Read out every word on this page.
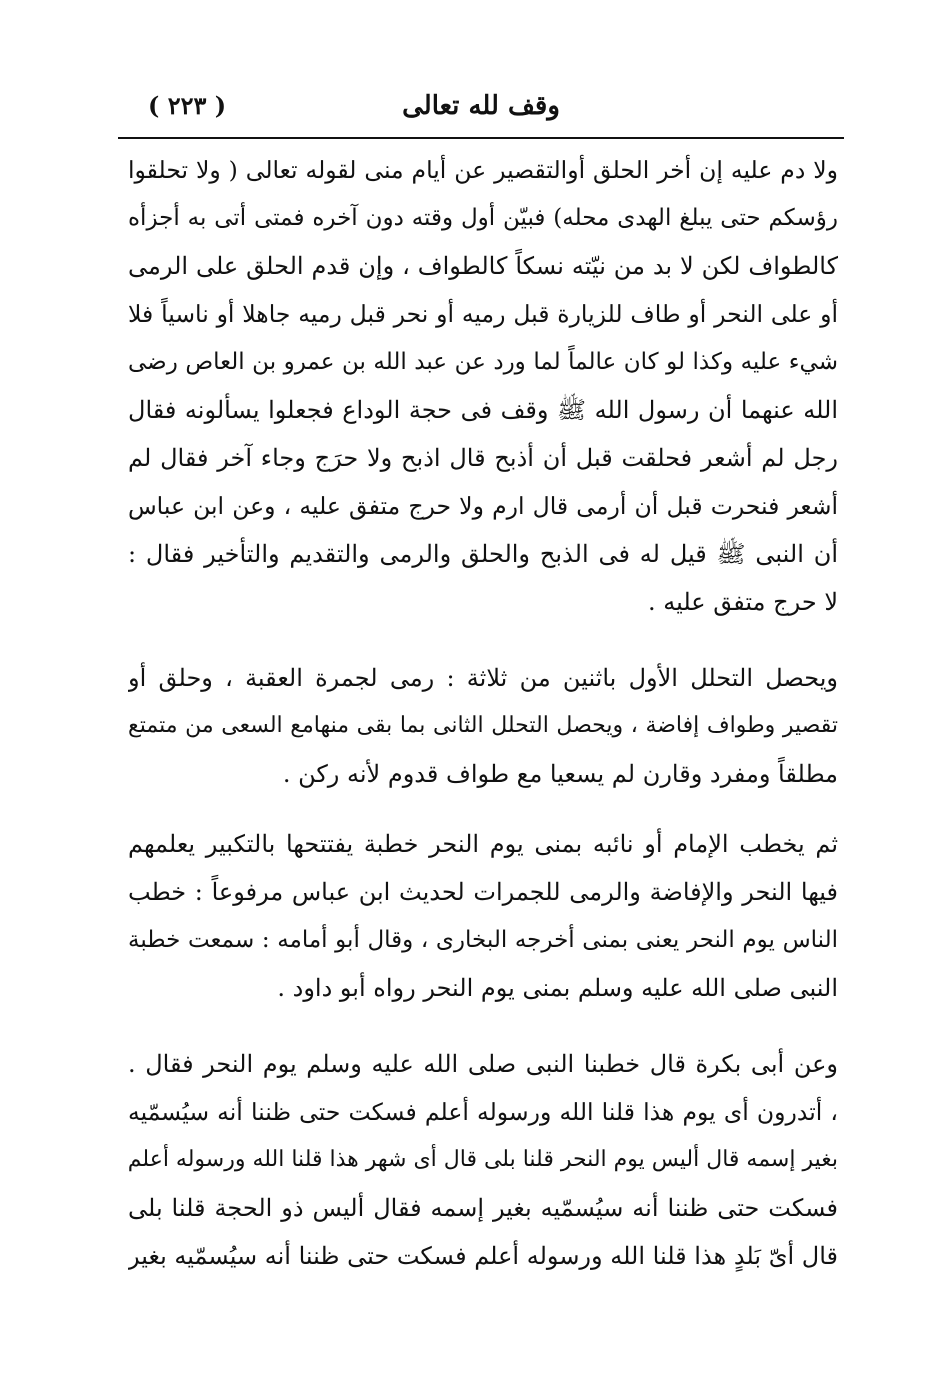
وقف لله تعالى
( ٢٢٣ )
ولا دم عليه إن أخر الحلق أوالتقصير عن أيام منى لقوله تعالى ( ولا تحلقوا
رؤسكم حتى يبلغ الهدى محله) فبيّن أول وقته دون آخره فمتى أتى به أجزأه
كالطواف لكن لا بد من نيّته نسكاً كالطواف ، وإن قدم الحلق على الرمى
أو على النحر أو طاف للزيارة قبل رميه أو نحر قبل رميه جاهلا أو ناسياً فلا
شيء عليه وكذا لو كان عالماً لما ورد عن عبد الله بن عمرو بن العاص رضى
الله عنهما أن رسول الله ﷺ وقف فى حجة الوداع فجعلوا يسألونه فقال
رجل لم أشعر فحلقت قبل أن أذبح قال اذبح ولا حرَج وجاء آخر فقال لم
أشعر فنحرت قبل أن أرمى قال ارم ولا حرج متفق عليه ، وعن ابن عباس
أن النبى ﷺ قيل له فى الذبح والحلق والرمى والتقديم والتأخير فقال :
لا حرج متفق عليه .
ويحصل التحلل الأول باثنين من ثلاثة : رمى لجمرة العقبة ، وحلق أو
تقصير وطواف إفاضة ، ويحصل التحلل الثانى بما بقى منهامع السعى من متمتع
مطلقاً ومفرد وقارن لم يسعيا مع طواف قدوم لأنه ركن .
ثم يخطب الإمام أو نائبه بمنى يوم النحر خطبة يفتتحها بالتكبير يعلمهم
فيها النحر والإفاضة والرمى للجمرات لحديث ابن عباس مرفوعاً : خطب
الناس يوم النحر يعنى بمنى أخرجه البخارى ، وقال أبو أمامه : سمعت خطبة
النبى صلى الله عليه وسلم بمنى يوم النحر رواه أبو داود .
وعن أبى بكرة قال خطبنا النبى صلى الله عليه وسلم يوم النحر فقال .
، أتدرون أى يوم هذا قلنا الله ورسوله أعلم فسكت حتى ظننا أنه سيُسمّيه
بغير إسمه قال أليس يوم النحر قلنا بلى قال أى شهر هذا قلنا الله ورسوله أعلم
فسكت حتى ظننا أنه سيُسمّيه بغير إسمه فقال أليس ذو الحجة قلنا بلى
قال أىّ بَلدٍ هذا قلنا الله ورسوله أعلم فسكت حتى ظننا أنه سيُسمّيه بغير
